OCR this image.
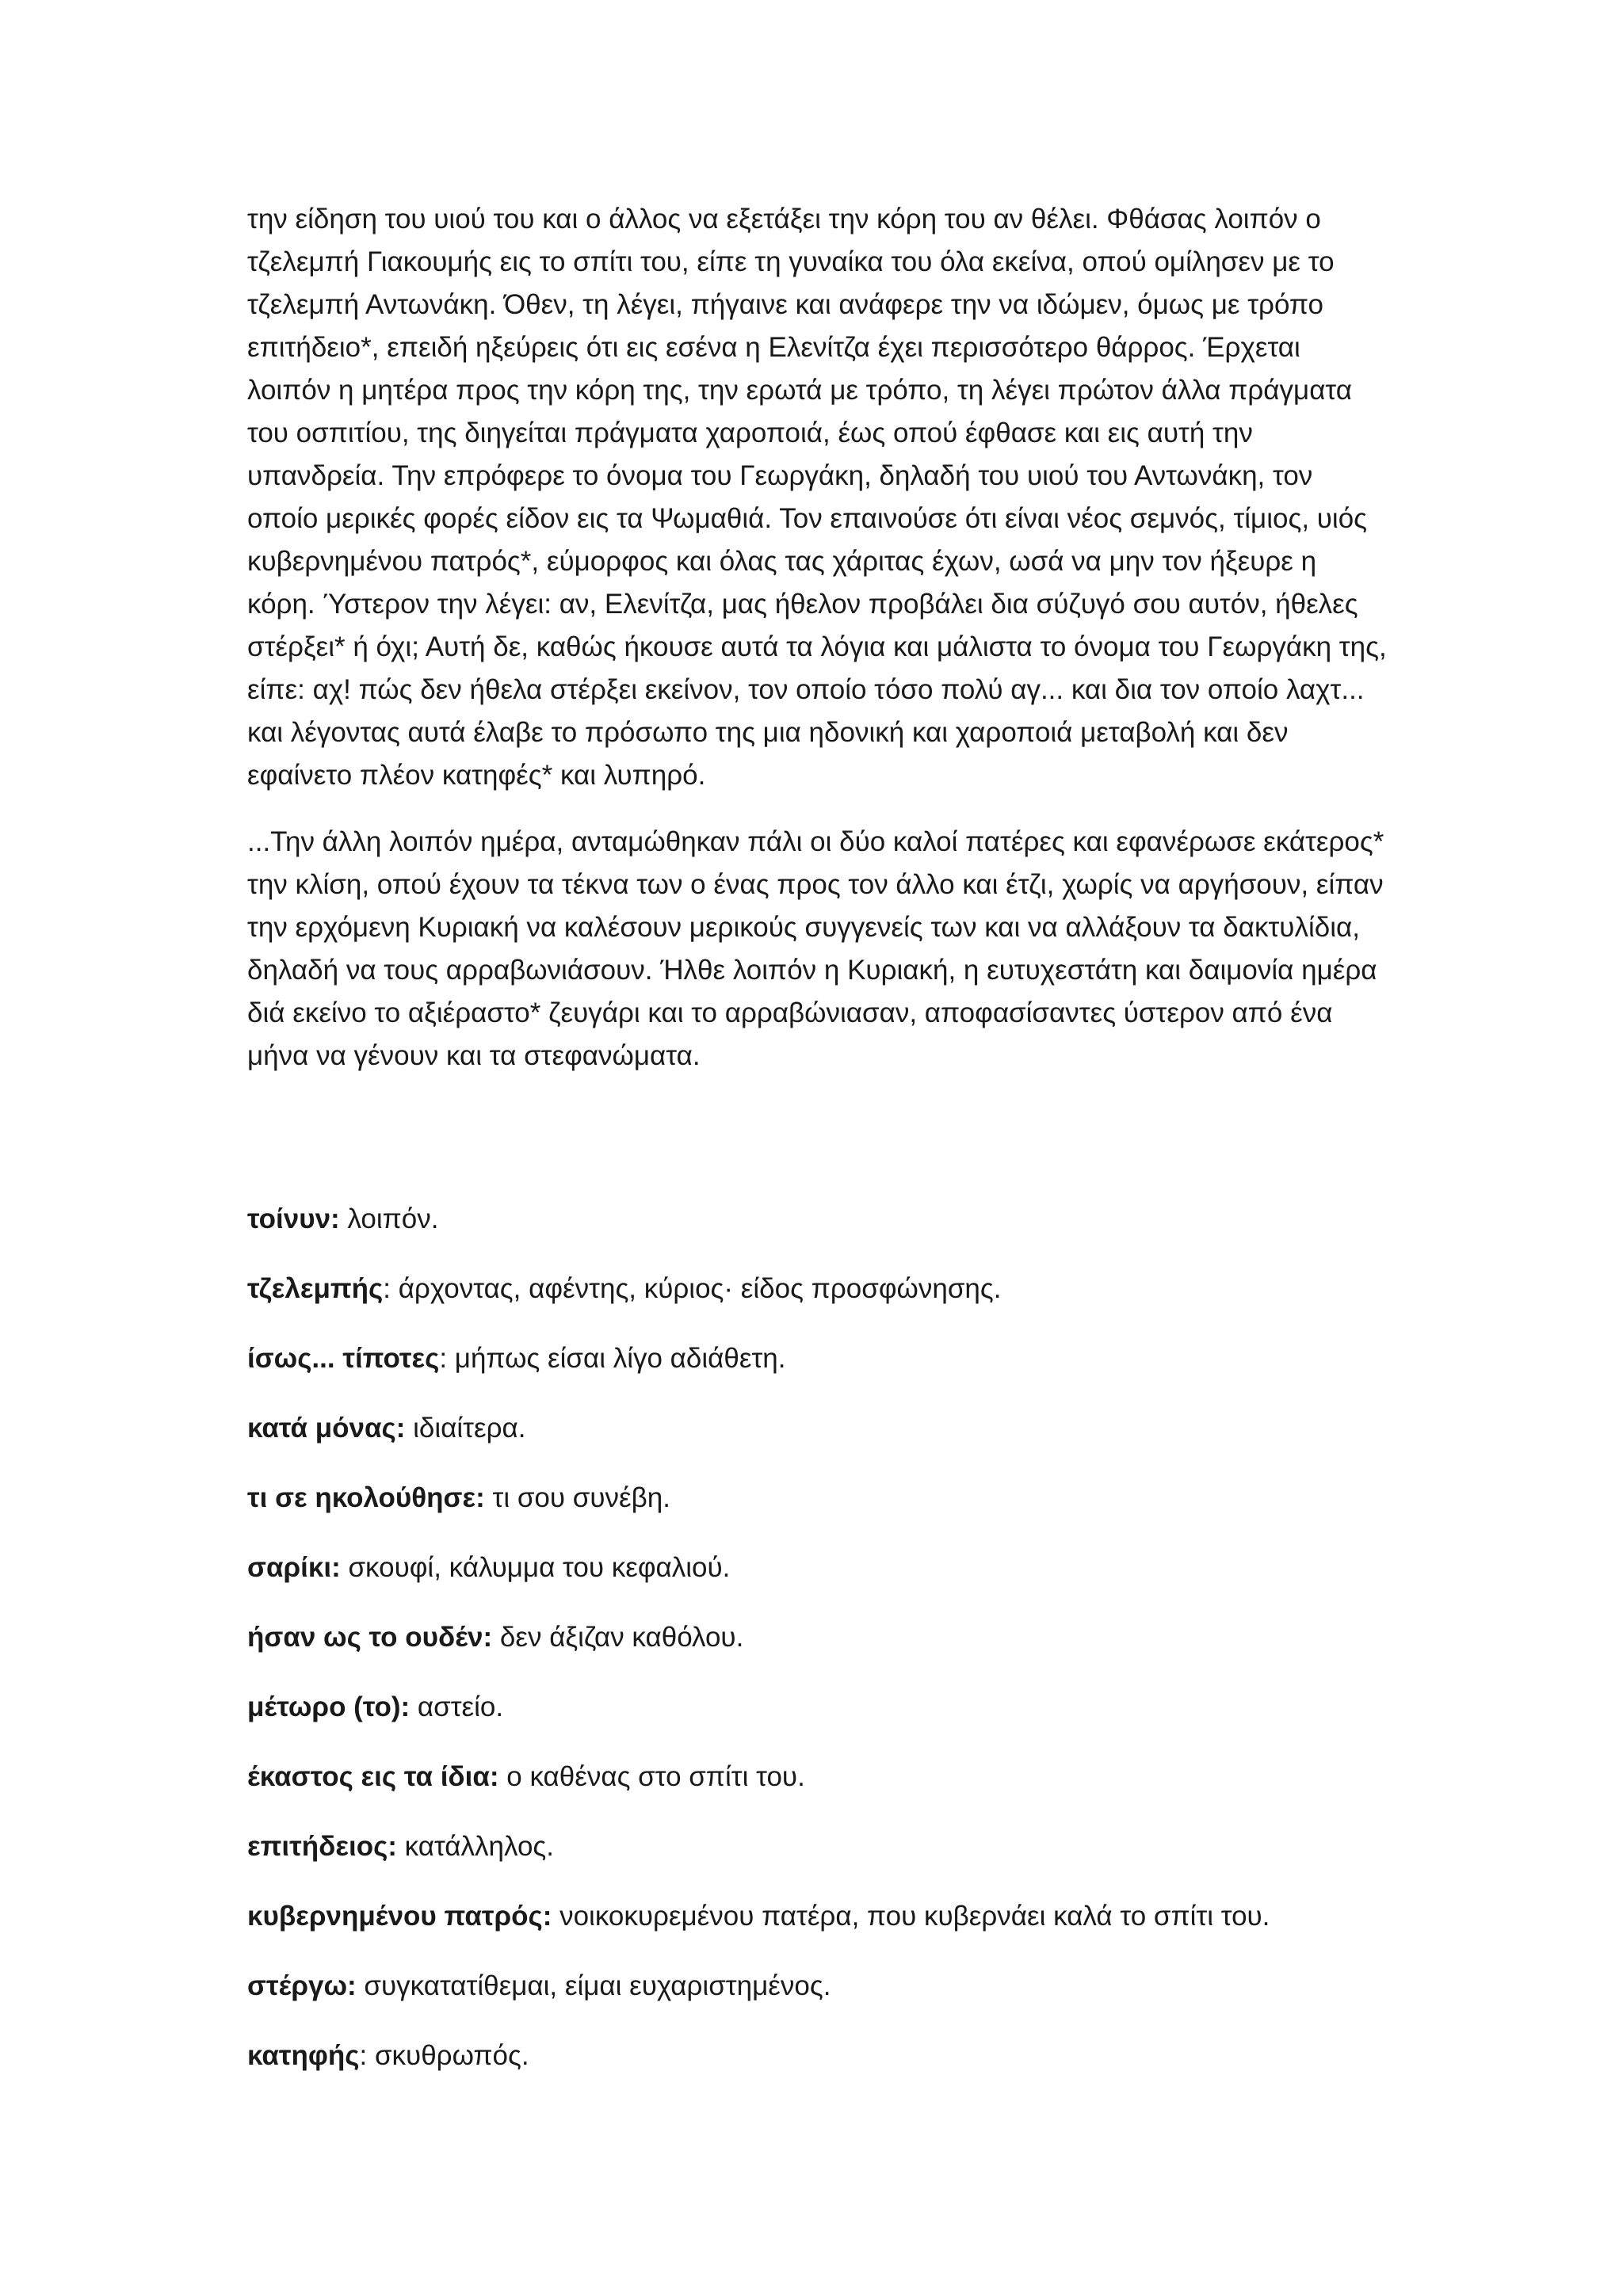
την είδηση του υιού του και ο άλλος να εξετάξει την κόρη του αν θέλει. Φθάσας λοιπόν ο τζελεμπή Γιακουμής εις το σπίτι του, είπε τη γυναίκα του όλα εκείνα, οπού ομίλησεν με το τζελεμπή Αντωνάκη. Όθεν, τη λέγει, πήγαινε και ανάφερε την να ιδώμεν, όμως με τρόπο επιτήδειο*, επειδή ηξεύρεις ότι εις εσένα η Ελενίτζα έχει περισσότερο θάρρος. Έρχεται λοιπόν η μητέρα προς την κόρη της, την ερωτά με τρόπο, τη λέγει πρώτον άλλα πράγματα του οσπιτίου, της διηγείται πράγματα χαροποιά, έως οπού έφθασε και εις αυτή την υπανδρεία. Την επρόφερε το όνομα του Γεωργάκη, δηλαδή του υιού του Αντωνάκη, τον οποίο μερικές φορές είδον εις τα Ψωμαθιά. Τον επαινούσε ότι είναι νέος σεμνός, τίμιος, υιός κυβερνημένου πατρός*, εύμορφος και όλας τας χάριτας έχων, ωσά να μην τον ήξευρε η κόρη. Ύστερον την λέγει: αν, Ελενίτζα, μας ήθελον προβάλει δια σύζυγό σου αυτόν, ήθελες στέρξει* ή όχι; Αυτή δε, καθώς ήκουσε αυτά τα λόγια και μάλιστα το όνομα του Γεωργάκη της, είπε: αχ! πώς δεν ήθελα στέρξει εκείνον, τον οποίο τόσο πολύ αγ... και δια τον οποίο λαχτ... και λέγοντας αυτά έλαβε το πρόσωπο της μια ηδονική και χαροποιά μεταβολή και δεν εφαίνετο πλέον κατηφές* και λυπηρό.

...Την άλλη λοιπόν ημέρα, ανταμώθηκαν πάλι οι δύο καλοί πατέρες και εφανέρωσε εκάτερος* την κλίση, οπού έχουν τα τέκνα των ο ένας προς τον άλλο και έτζι, χωρίς να αργήσουν, είπαν την ερχόμενη Κυριακή να καλέσουν μερικούς συγγενείς των και να αλλάξουν τα δακτυλίδια, δηλαδή να τους αρραβωνιάσουν. Ήλθε λοιπόν η Κυριακή, η ευτυχεστάτη και δαιμονία ημέρα διά εκείνο το αξιέραστο* ζευγάρι και το αρραβώνιασαν, αποφασίσαντες ύστερον από ένα μήνα να γένουν και τα στεφανώματα.

τοίνυν: λοιπόν.

τζελεμπής: άρχοντας, αφέντης, κύριος· είδος προσφώνησης.

ίσως... τίποτες: μήπως είσαι λίγο αδιάθετη.

κατά μόνας: ιδιαίτερα.

τι σε ηκολούθησε: τι σου συνέβη.

σαρίκι: σκουφί, κάλυμμα του κεφαλιού.

ήσαν ως το ουδέν: δεν άξιζαν καθόλου.

μέτωρο (το): αστείο.

έκαστος εις τα ίδια: ο καθένας στο σπίτι του.

επιτήδειος: κατάλληλος.

κυβερνημένου πατρός: νοικοκυρεμένου πατέρα, που κυβερνάει καλά το σπίτι του.

στέργω: συγκατατίθεμαι, είμαι ευχαριστημένος.

κατηφής: σκυθρωπός.
